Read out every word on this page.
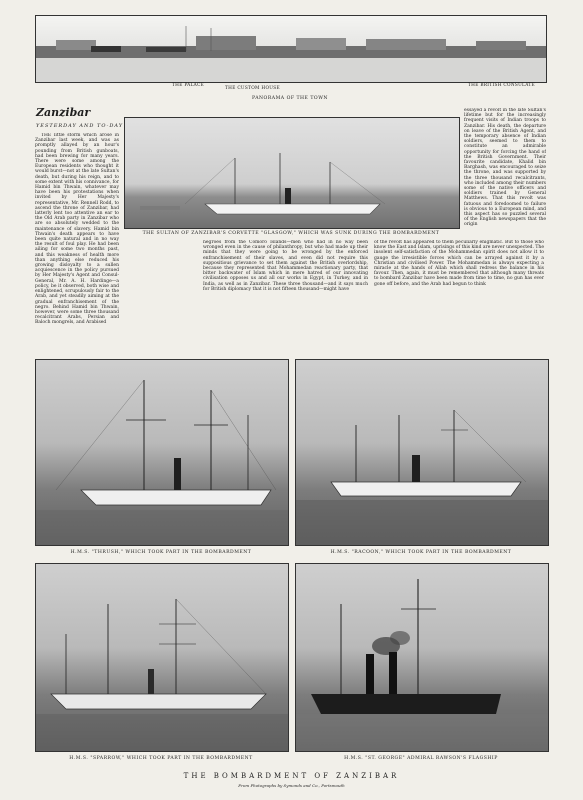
THE PALACE
THE CUSTOM HOUSE
THE BRITISH CONSULATE
PANORAMA OF THE TOWN
Zanzibar
YESTERDAY AND TO-DAY

THE little storm which arose in Zanzibar last week, and was as promptly allayed by an hour's pounding from British gunboats, had been brewing for many years. There were some among the European residents who thought it would burst—not at the late Sultan's death, but during his reign, and to some extent with his connivance, for Hamid bin Thwain, whatever may have been his protestations when invited by Her Majesty's representative, Mr. Rennell Rodd, to ascend the throne of Zanzibar, had latterly lent too attentive an ear to the Old Arab party in Zanzibar who are so absolutely wedded to the maintenance of slavery. Hamid bin Thwain's death appears to have been quite natural and in no way the result of foul play. He had been ailing for some two months past, and this weakness of health more than anything else reduced his growing disloyalty to a sullen acquiescence in the policy pursued by Her Majesty's Agent and Consul-General, Mr. A. H. Hardinge—a policy, be it observed, both wise and enlightened, scrupulously fair to the Arab, and yet steadily aiming at the gradual enfranchisement of the negro. Behind Hamid bin Thwain, however, were some three thousand recalcitrant Arabs, Persian and Baloch mongrels, and Arabised

THE SULTAN OF ZANZIBAR'S CORVETTE "GLASGOW," WHICH WAS SUNK DURING THE BOMBARDMENT

negroes from the Comoro Islands—men who had in no way been wronged even in the cause of philanthropy, but who had made up their minds that they were going to be wronged by the enforced enfranchisement of their slaves, and even did not require this suppositious grievance to set them against the British overlordship, because they represented that Mohammedan reactionary party, that bitter backwater of Islam which in mere hatred of our innovating civilisation opposes us and all our works in Egypt, in Turkey, and in India, as well as in Zanzibar. These three thousand—and it says much for British diplomacy that it is not fifteen thousand—might have

of the revolt has appeared to them peculiarly enigmatic. But to those who know the East and Islam, uprisings of this kind are never unexpected. The insolent self-satisfaction of the Mohammedan spirit does not allow it to gauge the irresistible forces which can be arrayed against it by a Christian and civilised Power. The Mohammedan is always expecting a miracle at the hands of Allah which shall redress the balance in his favour. Then, again, it must be remembered that although many threats to bombard Zanzibar have been made from time to time, no gun has ever gone off before, and the Arab had begun to think

essayed a revolt in the late Sultan's lifetime but for the increasingly frequent visits of Indian troops to Zanzibar. His death, the departure on leave of the British Agent, and the temporary absence of Indian soldiers, seemed to them to constitute an admirable opportunity for forcing the hand of the British Government. Their favourite candidate, Khalid bin Barghash, was encouraged to seize the throne, and was supported by the three thousand recalcitrants, who included among their numbers some of the native officers and soldiers trained by General Matthews. That this revolt was fatuous and foredoomed to failure is obvious to a European mind, and this aspect has so puzzled several of the English newspapers that the origin

H.M.S. "THRUSH," WHICH TOOK PART IN THE BOMBARDMENT	H.M.S. "RACOON," WHICH TOOK PART IN THE BOMBARDMENT
H.M.S. "SPARROW," WHICH TOOK PART IN THE BOMBARDMENT	H.M.S. "ST. GEORGE" ADMIRAL RAWSON'S FLAGSHIP
THE BOMBARDMENT OF ZANZIBAR
From Photographs by Symonds and Co., Portsmouth
